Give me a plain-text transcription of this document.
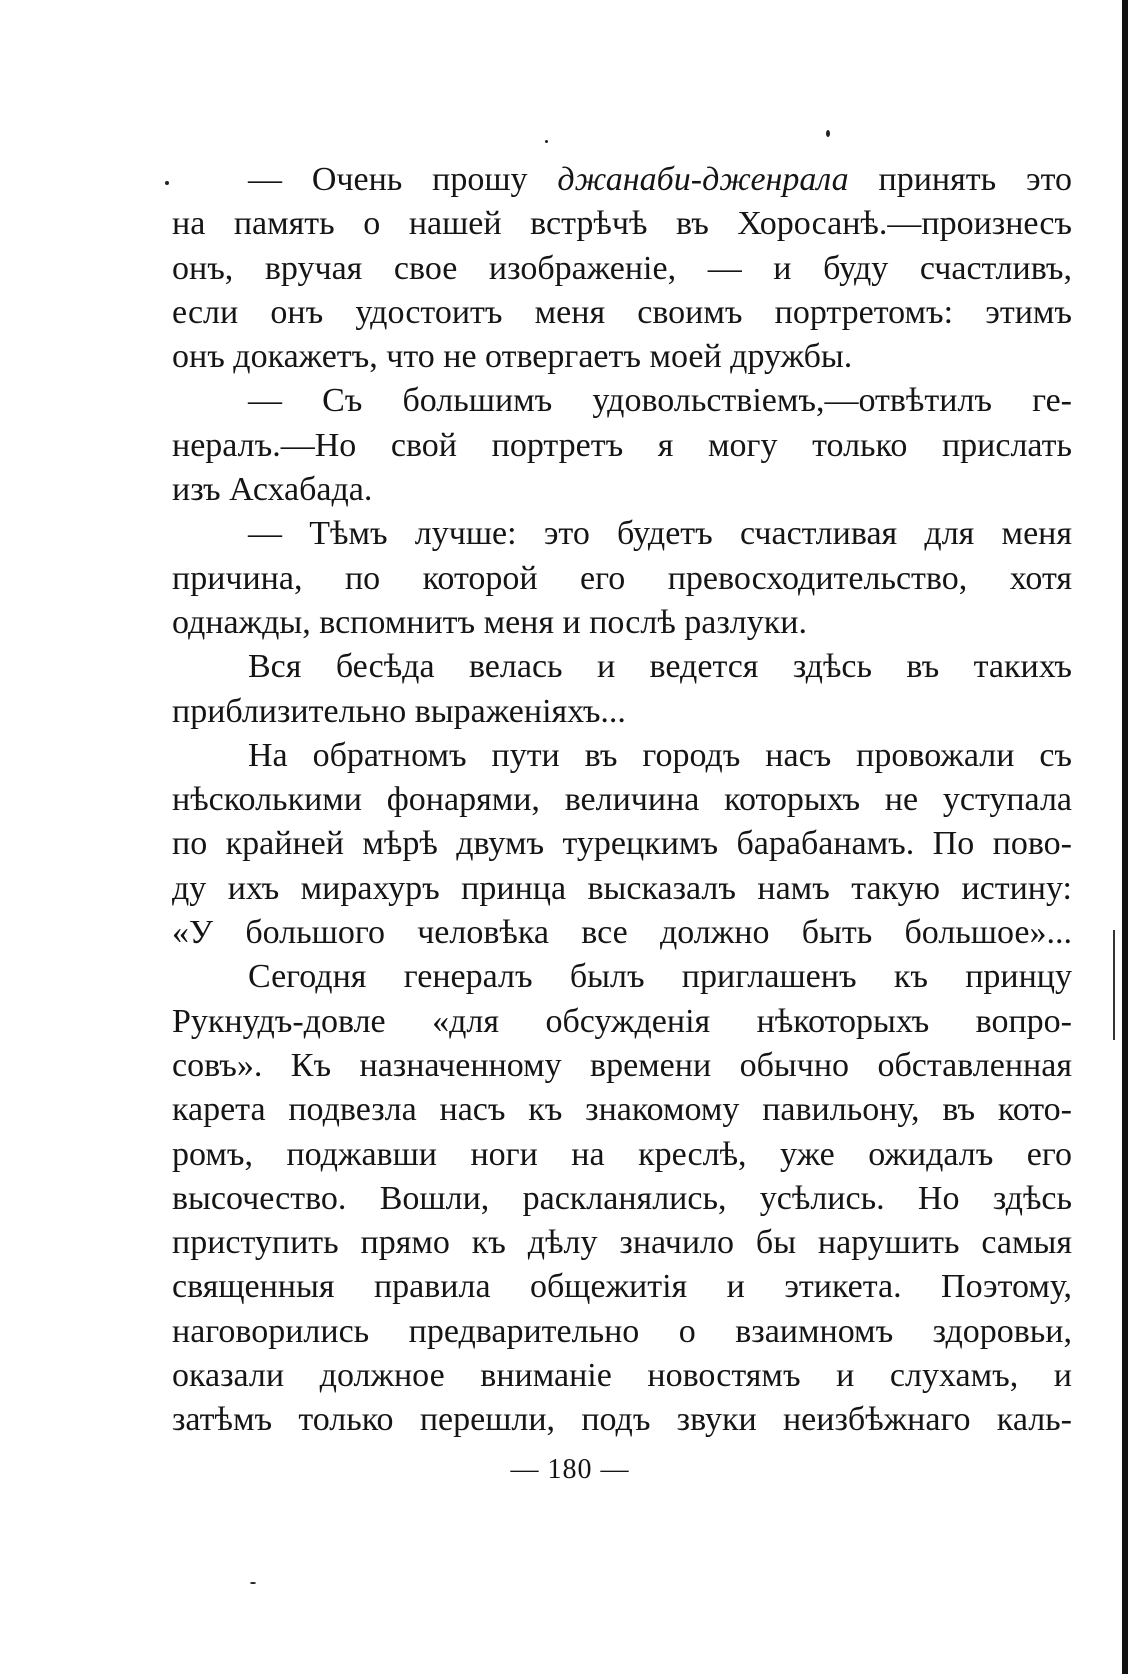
— Очень прошу джанаби-дженрала принять это
на память о нашей встрѣчѣ въ Хоросанѣ.—произнесъ
онъ, вручая свое изображеніе, — и буду счастливъ,
если онъ удостоитъ меня своимъ портретомъ: этимъ
онъ докажетъ, что не отвергаетъ моей дружбы.
— Съ большимъ удовольствіемъ,—отвѣтилъ ге-
нералъ.—Но свой портретъ я могу только прислать
изъ Асхабада.
— Тѣмъ лучше: это будетъ счастливая для меня
причина, по которой его превосходительство, хотя
однажды, вспомнитъ меня и послѣ разлуки.
Вся бесѣда велась и ведется здѣсь въ такихъ
приблизительно выраженіяхъ...
На обратномъ пути въ городъ насъ провожали съ
нѣсколькими фонарями, величина которыхъ не уступала
по крайней мѣрѣ двумъ турецкимъ барабанамъ. По пово-
ду ихъ мирахуръ принца высказалъ намъ такую истину:
«У большого человѣка все должно быть большое»...
Сегодня генералъ былъ приглашенъ къ принцу
Рукнудъ-довле «для обсужденія нѣкоторыхъ вопро-
совъ». Къ назначенному времени обычно обставленная
карета подвезла насъ къ знакомому павильону, въ кото-
ромъ, поджавши ноги на креслѣ, уже ожидалъ его
высочество. Вошли, раскланялись, усѣлись. Но здѣсь
приступить прямо къ дѣлу значило бы нарушить самыя
священныя правила общежитія и этикета. Поэтому,
наговорились предварительно о взаимномъ здоровьи,
оказали должное вниманіе новостямъ и слухамъ, и
затѣмъ только перешли, подъ звуки неизбѣжнаго каль-
— 180 —
